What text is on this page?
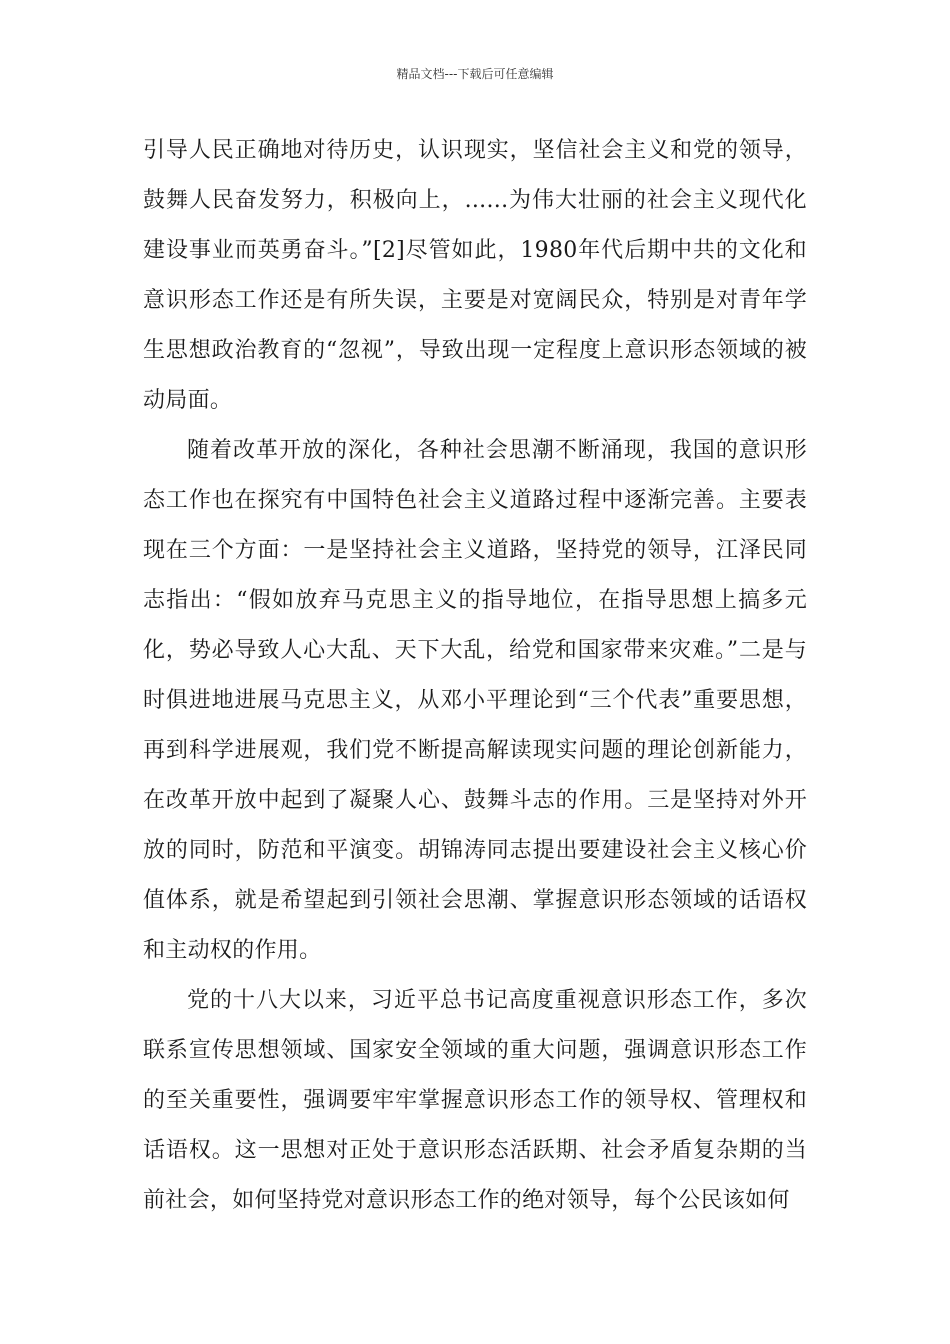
精品文档---下载后可任意编辑

引导人民正确地对待历史，认识现实，坚信社会主义和党的领导，鼓舞人民奋发努力，积极向上，......为伟大壮丽的社会主义现代化建设事业而英勇奋斗。”[2]尽管如此，1980年代后期中共的文化和意识形态工作还是有所失误，主要是对宽阔民众，特别是对青年学生思想政治教育的“忽视”，导致出现一定程度上意识形态领域的被动局面。

随着改革开放的深化，各种社会思潮不断涌现，我国的意识形态工作也在探究有中国特色社会主义道路过程中逐渐完善。主要表现在三个方面：一是坚持社会主义道路，坚持党的领导，江泽民同志指出：“假如放弃马克思主义的指导地位，在指导思想上搞多元化，势必导致人心大乱、天下大乱，给党和国家带来灾难。”二是与时俱进地进展马克思主义，从邓小平理论到“三个代表”重要思想，再到科学进展观，我们党不断提高解读现实问题的理论创新能力，在改革开放中起到了凝聚人心、鼓舞斗志的作用。三是坚持对外开放的同时，防范和平演变。胡锦涛同志提出要建设社会主义核心价值体系，就是希望起到引领社会思潮、掌握意识形态领域的话语权和主动权的作用。

党的十八大以来，习近平总书记高度重视意识形态工作，多次联系宣传思想领域、国家安全领域的重大问题，强调意识形态工作的至关重要性，强调要牢牢掌握意识形态工作的领导权、管理权和话语权。这一思想对正处于意识形态活跃期、社会矛盾复杂期的当前社会，如何坚持党对意识形态工作的绝对领导，每个公民该如何
